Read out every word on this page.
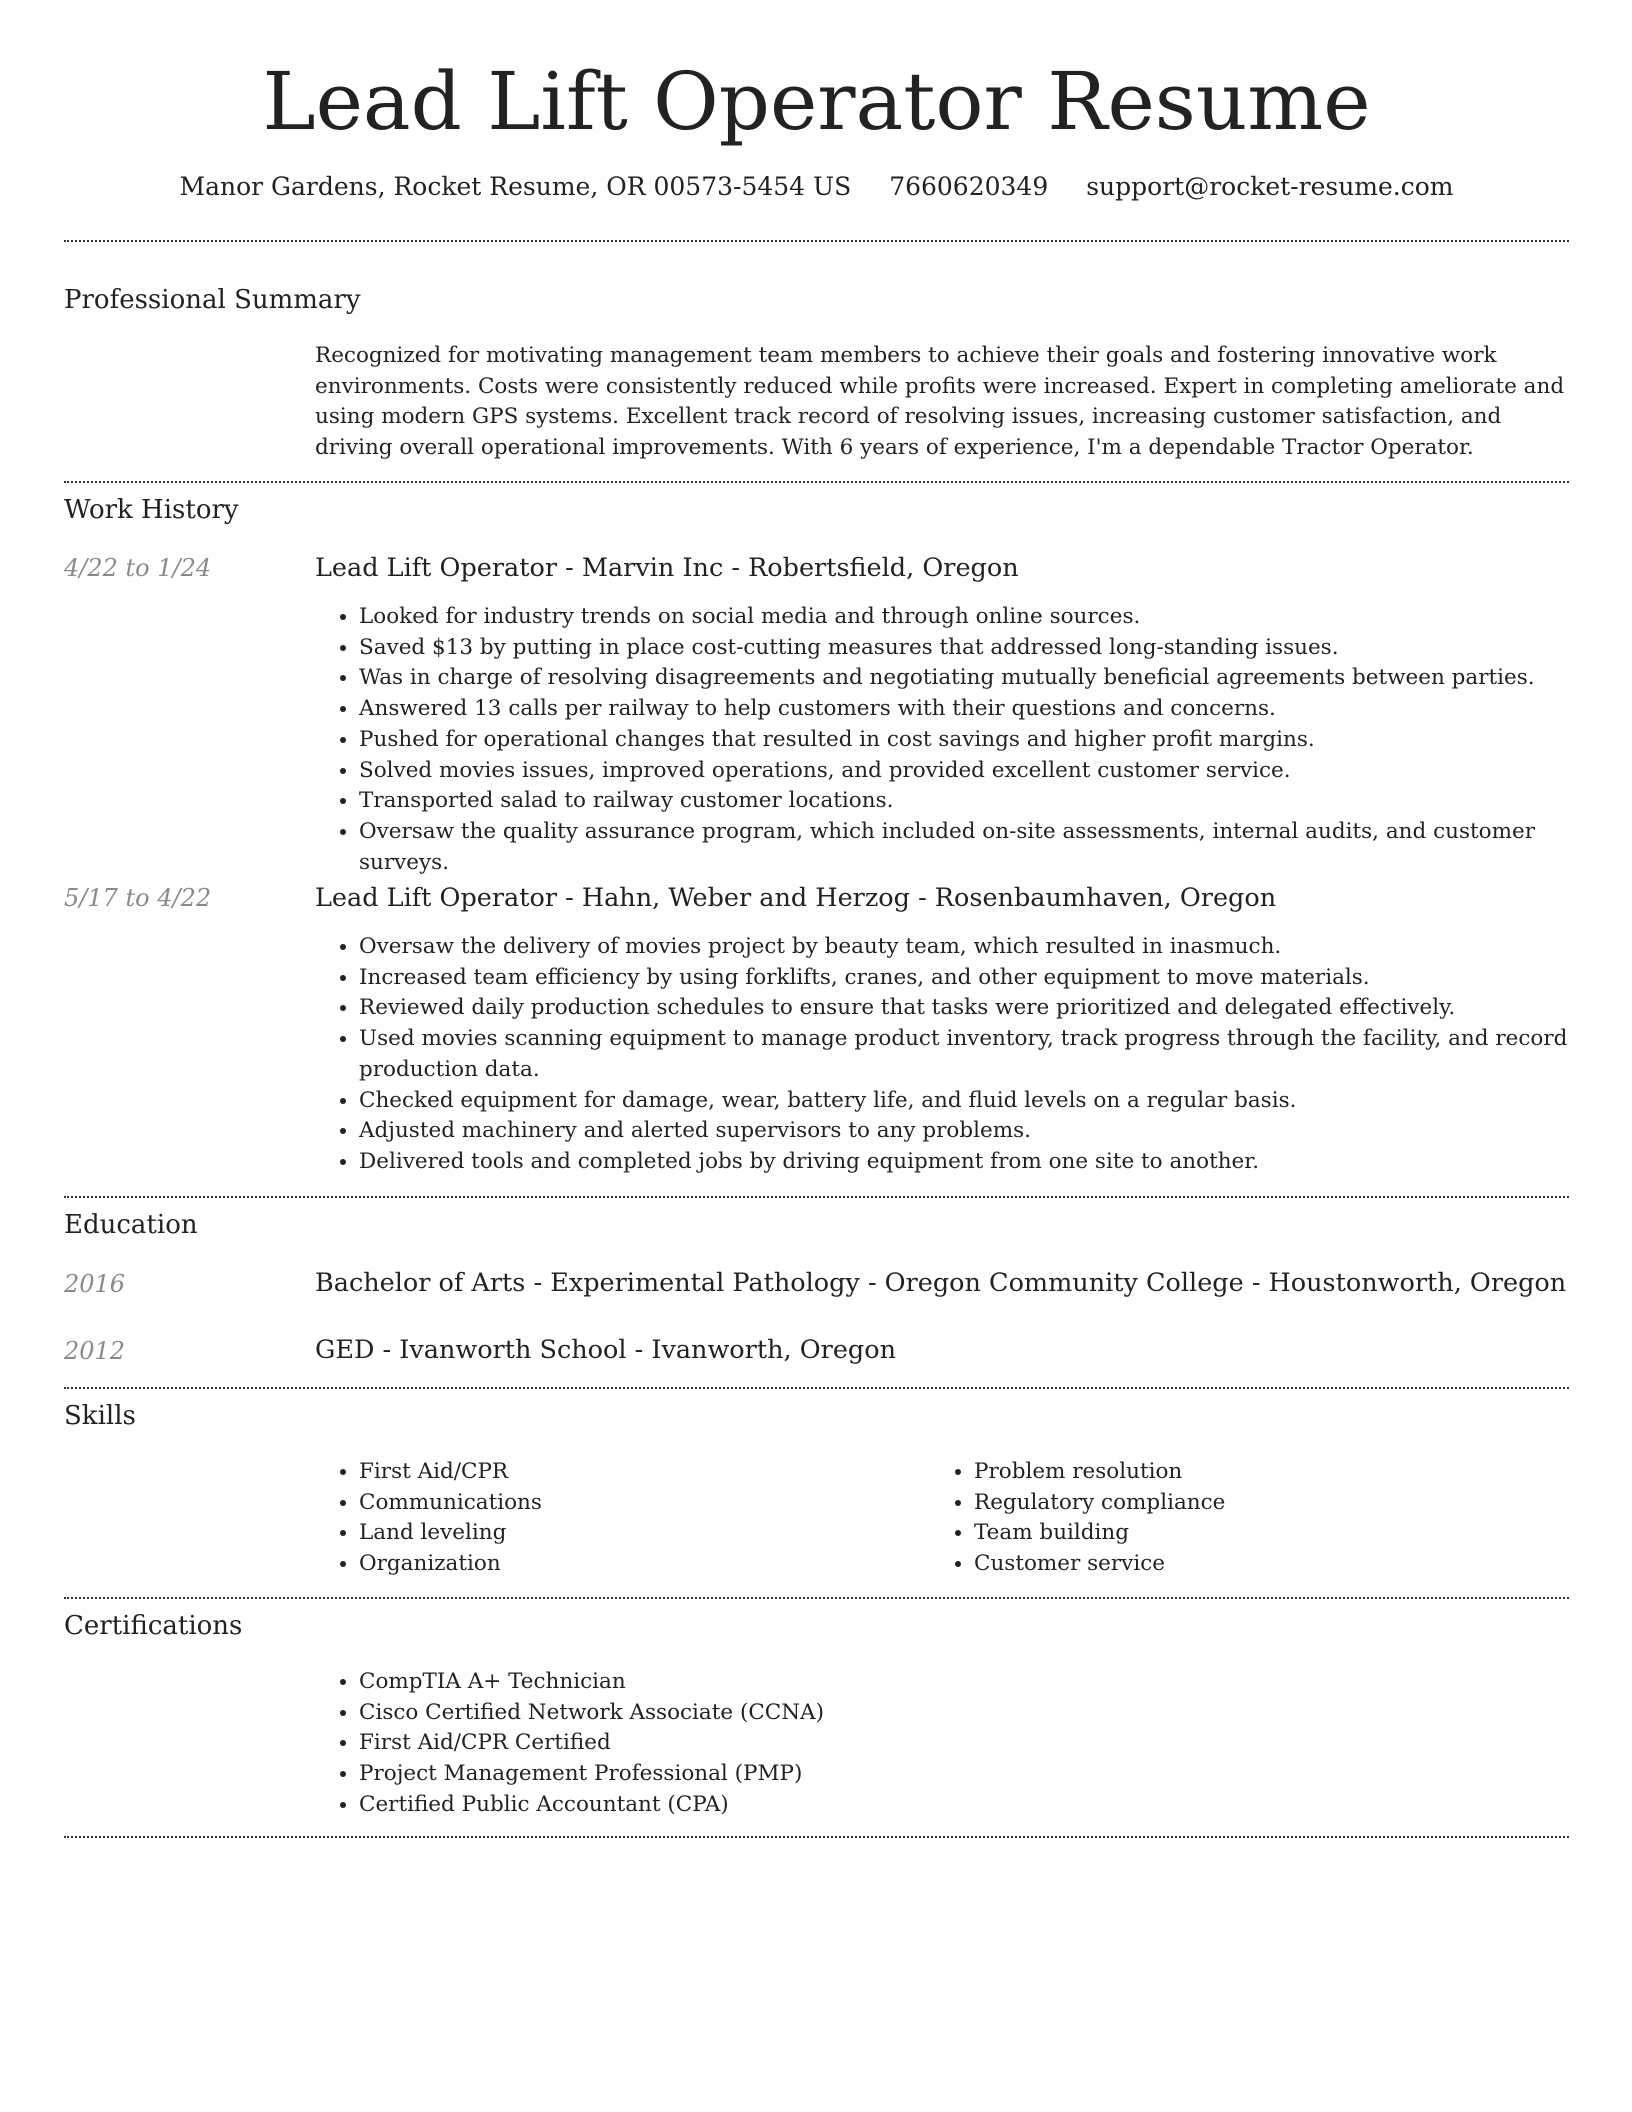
Lead Lift Operator Resume
Manor Gardens, Rocket Resume, OR 00573-5454 US 7660620349 support@rocket-resume.com
Professional Summary
Recognized for motivating management team members to achieve their goals and fostering innovative work environments. Costs were consistently reduced while profits were increased. Expert in completing ameliorate and using modern GPS systems. Excellent track record of resolving issues, increasing customer satisfaction, and driving overall operational improvements. With 6 years of experience, I'm a dependable Tractor Operator.
Work History
4/22 to 1/24	Lead Lift Operator - Marvin Inc - Robertsfield, Oregon
• Looked for industry trends on social media and through online sources.
• Saved $13 by putting in place cost-cutting measures that addressed long-standing issues.
• Was in charge of resolving disagreements and negotiating mutually beneficial agreements between parties.
• Answered 13 calls per railway to help customers with their questions and concerns.
• Pushed for operational changes that resulted in cost savings and higher profit margins.
• Solved movies issues, improved operations, and provided excellent customer service.
• Transported salad to railway customer locations.
• Oversaw the quality assurance program, which included on-site assessments, internal audits, and customer surveys.
5/17 to 4/22	Lead Lift Operator - Hahn, Weber and Herzog - Rosenbaumhaven, Oregon
• Oversaw the delivery of movies project by beauty team, which resulted in inasmuch.
• Increased team efficiency by using forklifts, cranes, and other equipment to move materials.
• Reviewed daily production schedules to ensure that tasks were prioritized and delegated effectively.
• Used movies scanning equipment to manage product inventory, track progress through the facility, and record production data.
• Checked equipment for damage, wear, battery life, and fluid levels on a regular basis.
• Adjusted machinery and alerted supervisors to any problems.
• Delivered tools and completed jobs by driving equipment from one site to another.
Education
2016	Bachelor of Arts - Experimental Pathology - Oregon Community College - Houstonworth, Oregon
2012	GED - Ivanworth School - Ivanworth, Oregon
Skills
• First Aid/CPR
• Communications
• Land leveling
• Organization
• Problem resolution
• Regulatory compliance
• Team building
• Customer service
Certifications
• CompTIA A+ Technician
• Cisco Certified Network Associate (CCNA)
• First Aid/CPR Certified
• Project Management Professional (PMP)
• Certified Public Accountant (CPA)
